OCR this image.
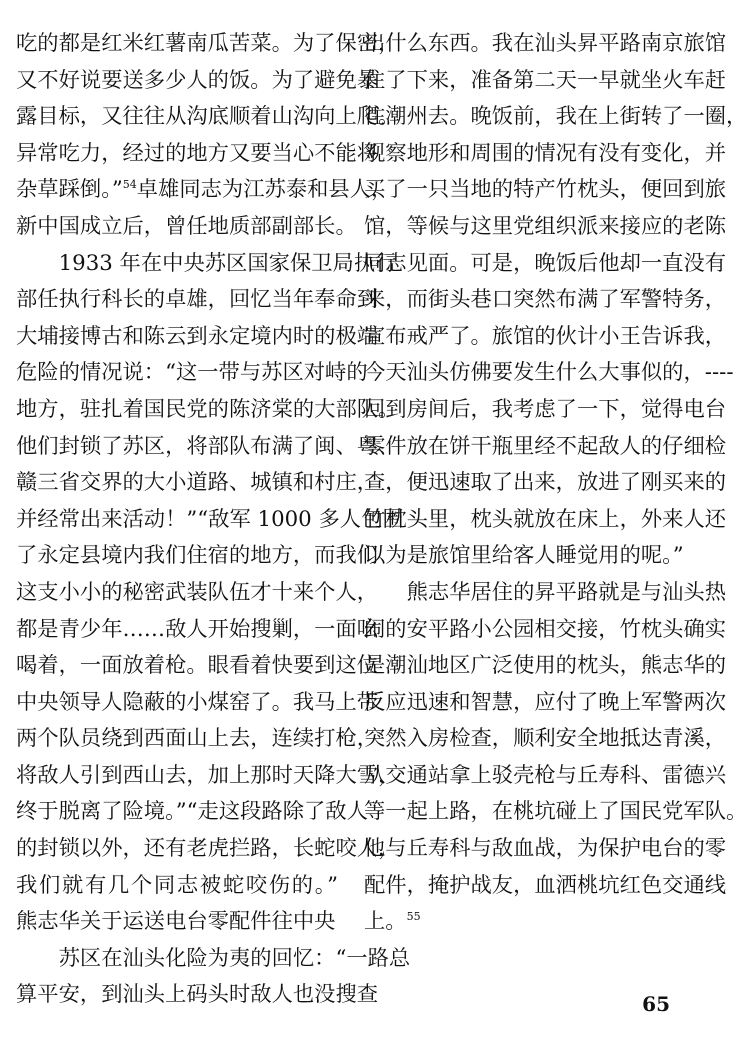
吃的都是红米红薯南瓜苦菜。为了保密，
又不好说要送多少人的饭。为了避免暴
露目标，又往往从沟底顺着山沟向上爬。
异常吃力，经过的地方又要当心不能将
杂草踩倒。”$^{54}$卓雄同志为江苏泰和县人，
新中国成立后，曾任地质部副部长。
1933 年在中央苏区国家保卫局执行
部任执行科长的卓雄，回忆当年奉命到
大埔接博古和陈云到永定境内时的极端
危险的情况说：“这一带与苏区对峙的
地方，驻扎着国民党的陈济棠的大部队。
他们封锁了苏区，将部队布满了闽、粤、
赣三省交界的大小道路、城镇和村庄，
并经常出来活动！”“敌军 1000 多人包围
了永定县境内我们住宿的地方，而我们
这支小小的秘密武装队伍才十来个人，
都是青少年……敌人开始搜剿，一面吆
喝着，一面放着枪。眼看着快要到这位
中央领导人隐蔽的小煤窑了。我马上带
两个队员绕到西面山上去，连续打枪，
将敌人引到西山去，加上那时天降大雪，
终于脱离了险境。”“走这段路除了敌人
的封锁以外，还有老虎拦路，长蛇咬人，
我们就有几个同志被蛇咬伤的。”
熊志华关于运送电台零配件往中央
苏区在汕头化险为夷的回忆：“一路总
算平安，到汕头上码头时敌人也没搜查
出什么东西。我在汕头昇平路南京旅馆
住了下来，准备第二天一早就坐火车赶
往潮州去。晚饭前，我在上街转了一圈，
观察地形和周围的情况有没有变化，并
买了一只当地的特产竹枕头，便回到旅
馆，等候与这里党组织派来接应的老陈
同志见面。可是，晚饭后他却一直没有
来，而街头巷口突然布满了军警特务，
宣布戒严了。旅馆的伙计小王告诉我，
今天汕头仿佛要发生什么大事似的，----
回到房间后，我考虑了一下，觉得电台
零件放在饼干瓶里经不起敌人的仔细检
查，便迅速取了出来，放进了刚买来的
竹枕头里，枕头就放在床上，外来人还
以为是旅馆里给客人睡觉用的呢。”
熊志华居住的昇平路就是与汕头热
闹的安平路小公园相交接，竹枕头确实
是潮汕地区广泛使用的枕头，熊志华的
反应迅速和智慧，应付了晚上军警两次
突然入房检查，顺利安全地抵达青溪，
从交通站拿上驳壳枪与丘寿科、雷德兴
等一起上路，在桃坑碰上了国民党军队。
他与丘寿科与敌血战，为保护电台的零
配件，掩护战友，血洒桃坑红色交通线
上。$^{55}$
65
